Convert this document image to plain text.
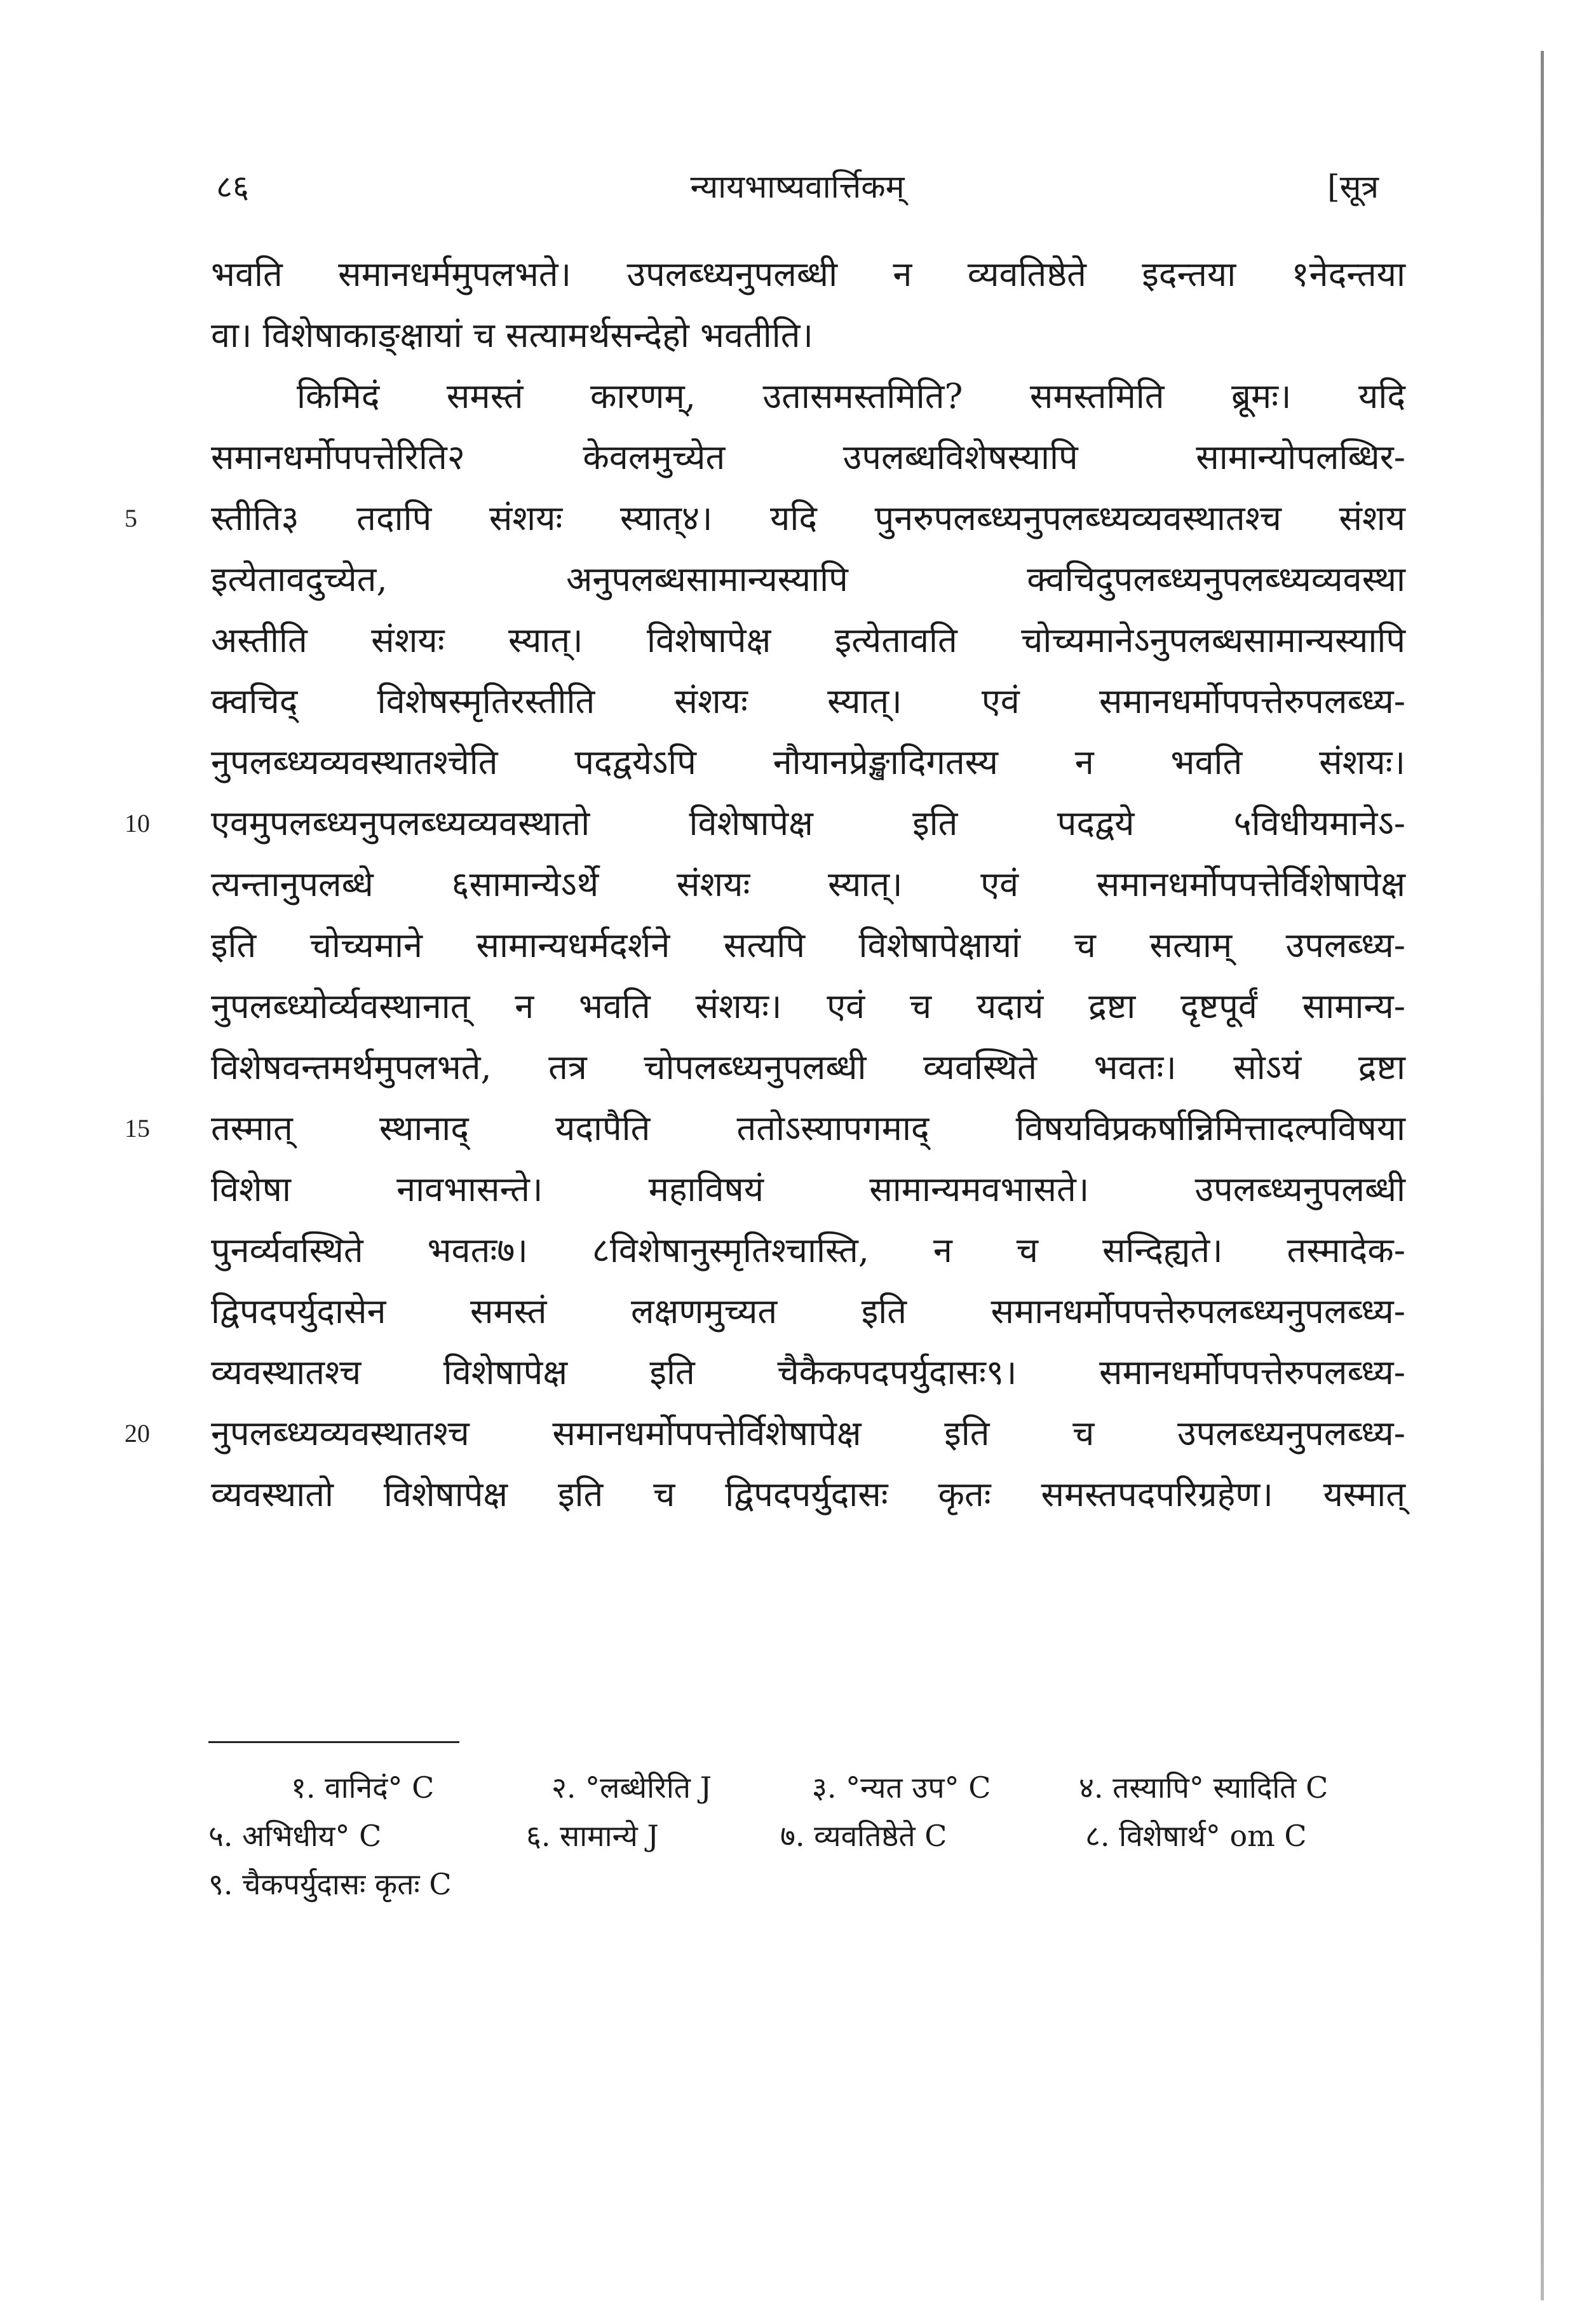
८६	न्यायभाष्यवार्त्तिकम्	[सूत्र
भवति समानधर्ममुपलभते। उपलब्ध्यनुपलब्धी न व्यवतिष्ठेते इदन्तया १नेदन्तया
वा। विशेषाकाङ्क्षायां च सत्यामर्थसन्देहो भवतीति।
किमिदं समस्तं कारणम्, उतासमस्तमिति? समस्तमिति ब्रूमः। यदि
समानधर्मोपपत्तेरिति२ केवलमुच्येत उपलब्धविशेषस्यापि सामान्योपलब्धिर-
5 स्तीति३ तदापि संशयः स्यात्४। यदि पुनरुपलब्ध्यनुपलब्ध्यव्यवस्थातश्च संशय
इत्येतावदुच्येत, अनुपलब्धसामान्यस्यापि क्वचिदुपलब्ध्यनुपलब्ध्यव्यवस्था
अस्तीति संशयः स्यात्। विशेषापेक्ष इत्येतावति चोच्यमानेऽनुपलब्धसामान्यस्यापि
क्वचिद् विशेषस्मृतिरस्तीति संशयः स्यात्। एवं समानधर्मोपपत्तेरुपलब्ध्य-
नुपलब्ध्यव्यवस्थातश्चेति पदद्वयेऽपि नौयानप्रेङ्खादिगतस्य न भवति संशयः।
10 एवमुपलब्ध्यनुपलब्ध्यव्यवस्थातो विशेषापेक्ष इति पदद्वये ५विधीयमानेऽ-
त्यन्तानुपलब्धे ६सामान्येऽर्थे संशयः स्यात्। एवं समानधर्मोपपत्तेर्विशेषापेक्ष
इति चोच्यमाने सामान्यधर्मदर्शने सत्यपि विशेषापेक्षायां च सत्याम् उपलब्ध्य-
नुपलब्ध्योर्व्यवस्थानात् न भवति संशयः। एवं च यदायं द्रष्टा दृष्टपूर्वं सामान्य-
विशेषवन्तमर्थमुपलभते, तत्र चोपलब्ध्यनुपलब्धी व्यवस्थिते भवतः। सोऽयं द्रष्टा
15 तस्मात् स्थानाद् यदापैति ततोऽस्यापगमाद् विषयविप्रकर्षान्निमित्तादल्पविषया
विशेषा नावभासन्ते। महाविषयं सामान्यमवभासते। उपलब्ध्यनुपलब्धी
पुनर्व्यवस्थिते भवतः७। ८विशेषानुस्मृतिश्चास्ति, न च सन्दिह्यते। तस्मादेक-
द्विपदपर्युदासेन समस्तं लक्षणमुच्यत इति समानधर्मोपपत्तेरुपलब्ध्यनुपलब्ध्य-
व्यवस्थातश्च विशेषापेक्ष इति चैकैकपदपर्युदासः९। समानधर्मोपपत्तेरुपलब्ध्य-
20 नुपलब्ध्यव्यवस्थातश्च समानधर्मोपपत्तेर्विशेषापेक्ष इति च उपलब्ध्यनुपलब्ध्य-
व्यवस्थातो विशेषापेक्ष इति च द्विपदपर्युदासः कृतः समस्तपदपरिग्रहेण। यस्मात्
१. वानिदं° C	२. °लब्धेरिति J	३. °न्यत उप° C	४. तस्यापि° स्यादिति C
५. अभिधीय° C	६. सामान्ये J	७. व्यवतिष्ठेते C	८. विशेषार्थ° om C
९. चैकपर्युदासः कृतः C
